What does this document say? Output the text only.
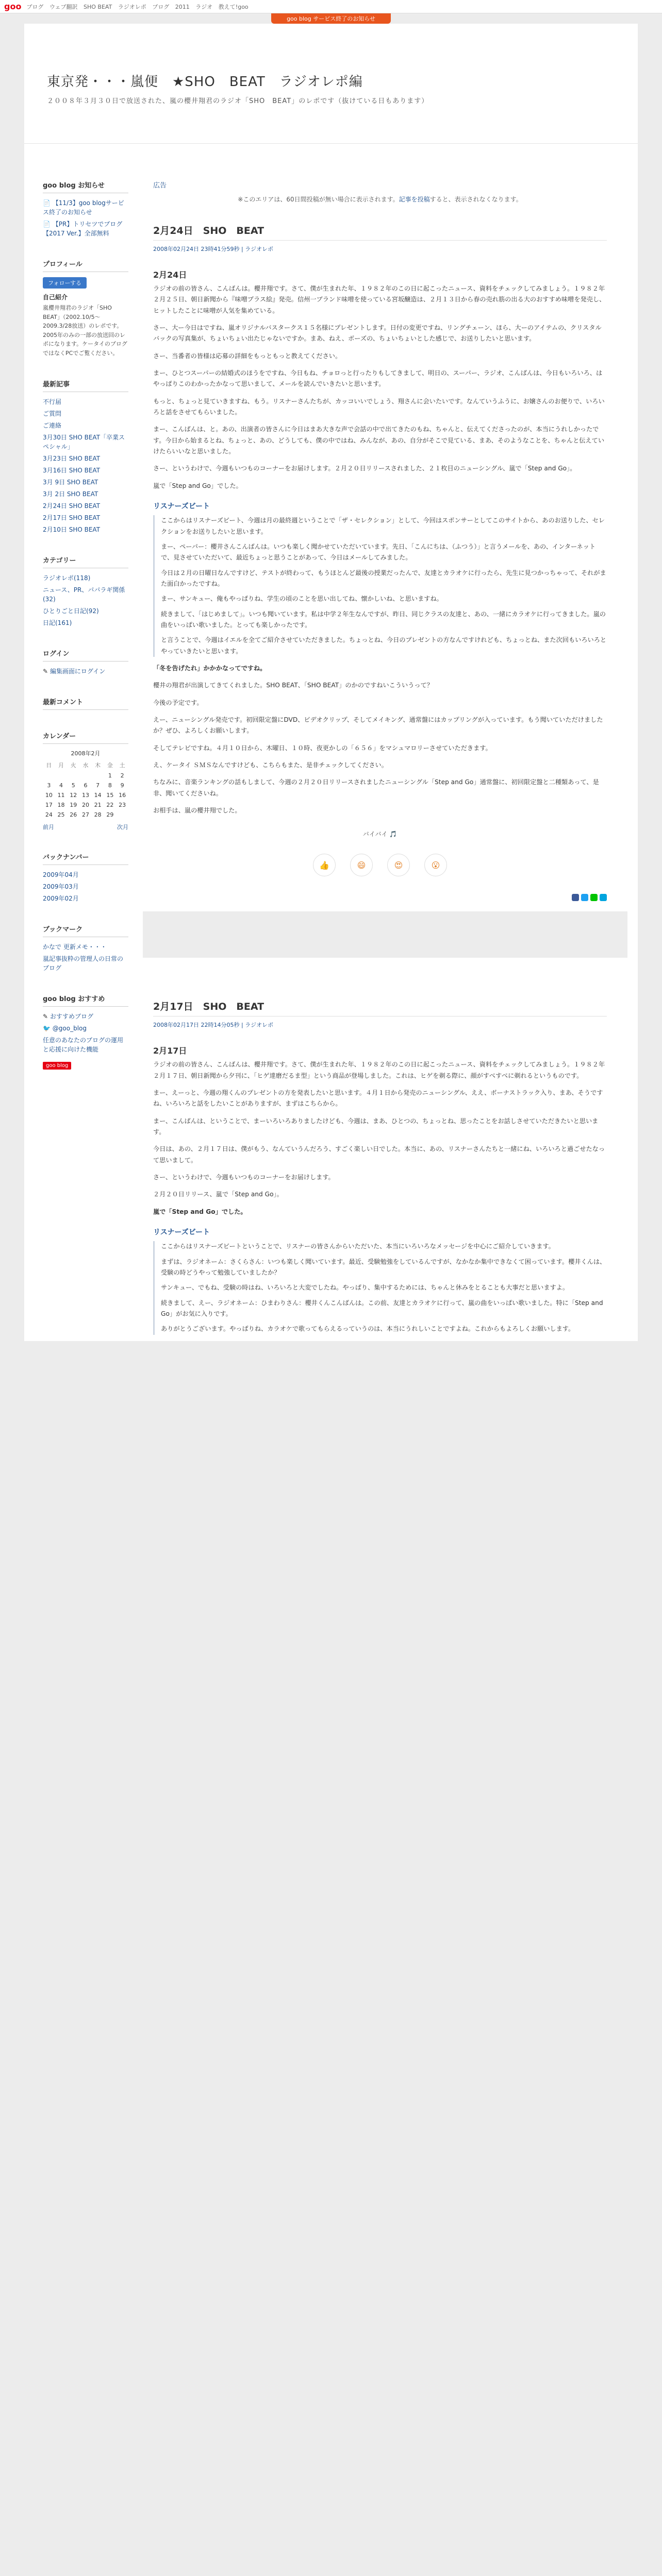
goo ブログ ウェブ翻訳 SHO BEAT ラジオレポ ブログ 2011 ラジオ 教えて!goo
goo blog サービス終了のお知らせ
東京発・・・嵐便　★SHO　BEAT　ラジオレポ編
２００８年３月３０日で放送された、嵐の櫻井翔君のラジオ「SHO　BEAT」のレポです（抜けている日もあります）
goo blog お知らせ
📄 【11/3】goo blogサービス終了のお知らせ
📄 【PR】トリセツでブログ【2017 Ver.】全部無料
プロフィール
フォローする
自己紹介
嵐櫻井翔君のラジオ「SHO　BEAT」（2002.10/5〜2009.3/28放送）のレポです。2005年のみの一部の放送回のレポになります。ケータイのブログではなくPCでご覧ください。
最新記事
不行届
ご質問
ご連絡
3月30日 SHO BEAT「卒業スペシャル」
3月23日 SHO BEAT
3月16日 SHO BEAT
3月 9日 SHO BEAT
3月 2日 SHO BEAT
2月24日 SHO BEAT
2月17日 SHO BEAT
2月10日 SHO BEAT
カテゴリー
ラジオレポ(118)
ニュース、PR、パパラギ関係(32)
ひとりごと日記(92)
日記(161)
ログイン
✎ 編集画面にログイン
最新コメント
カレンダー
2008年2月
日	月	火	水	木	金	土
					1	2
3	4	5	6	7	8	9
10	11	12	13	14	15	16
17	18	19	20	21	22	23
24	25	26	27	28	29	
前月	次月
バックナンバー
2009年04月
2009年03月
2009年02月
ブックマーク
かなで 更新メモ・・・
嵐記事抜粋の管理人の日常のブログ
goo blog おすすめ
✎ おすすめブログ
🐦 @goo_blog
任意のあなたのブログの運用と応援に向けた機能
goo blog
広告
※このエリアは、60日間投稿が無い場合に表示されます。記事を投稿すると、表示されなくなります。
2月24日　SHO　BEAT
2008年02月24日 23時41分59秒 | ラジオレポ
2月24日

ラジオの前の皆さん、こんばんは。櫻井翔です。さて、僕が生まれた年、１９８２年のこの日に起こったニュース、資料をチェックしてみましょう。１９８２年２月２５日、朝日新聞から『味噌プラス絵』発売。信州一ブランド味噌を使っている宮坂醸造は、２月１３日から春の売れ筋の出る大のおすすめ味噌を発売し、ヒットしたことに味噌が人気を集めている。

さー、大ー今日はですね、嵐オリジナルバスタークス１５名様にプレゼントします。日付の変更ですね、リングチェーン、ほら、大ーのアイテムの、クリスタルバックの写真集が、ちょいちょい出たじゃないですか。まあ、ねえ、ボーズの、ちょいちょいとした感じで、お送りしたいと思います。

さー、当番者の皆様は応募の詳細をもっともっと教えてください。

まー、ひとつスーパーの結婚式のほうをですね、今日もね、チョロっと行ったりもしてきまして、明日の、スーパー、ラジオ、こんばんは、今日もいろいろ、はやっぱりこのわかったかなって思いまして、メールを読んでいきたいと思います。

もっと、ちょっと見ていきますね、もう。リスナーさんたちが、カッコいいでしょう、翔さんに会いたいです。なんていうふうに、お嬢さんのお便りで、いろいろと話をさせてもらいました。

まー、こんばんは、と。あの、出演者の皆さんに今日はまあ大きな声で会話の中で出てきたのもね、ちゃんと、伝えてくださったのが、本当にうれしかったです。今日から始まるとね、ちょっと、あの、どうしても、僕の中ではね、みんなが、あの、自分がそこで見ている、まあ、そのようなことを、ちゃんと伝えていけたらいいなと思いました。

さー、というわけで、今週もいつものコーナーをお届けします。２月２０日リリースされました、２１枚目のニューシングル、嵐で「Step and Go」。

嵐で「Step and Go」でした。

リスナーズビート

ここからはリスナーズビート、今週は月の最終週ということで「ザ・セレクション」として、今回はスポンサーとしてこのサイトから、あのお送りした、セレクションをお送りしたいと思います。

まー、ペーパー：櫻井さんこんばんは。いつも楽しく聞かせていただいています。先日、「こんにちは、（ふつう）」と言うメールを、あの、インターネットで、見させていただいて、最近ちょっと思うことがあって、今日はメールしてみました。

今日は２月の日曜日なんですけど、テストが終わって、もうほとんど最後の授業だったんで、友達とカラオケに行ったら、先生に見つかっちゃって、それがまた面白かったですね。

まー、サンキュー、俺もやっぱりね、学生の頃のことを思い出してね、懐かしいね、と思いますね。

続きまして、「はじめまして」。いつも聞いています。私は中学２年生なんですが、昨日、同じクラスの友達と、あの、一緒にカラオケに行ってきました。嵐の曲をいっぱい歌いました。とっても楽しかったです。

と言うことで、今週はイエルを全てご紹介させていただきました。ちょっとね、今日のプレゼントの方なんですけれども、ちょっとね、また次回もいろいろとやっていきたいと思います。

「冬を告げたれ」かかかなってですね。

櫻井の翔君が出演してきてくれました。SHO BEAT、「SHO BEAT」のかのですねいこういうって？

今後の予定です。

えー、ニューシングル発売です。初回限定盤にDVD、ビデオクリップ、そしてメイキング、通常盤にはカップリングが入っています。もう聞いていただけましたか？ぜひ、よろしくお願いします。

そしてテレビですね。４月１０日から、木曜日、１０時、夜更かしの「６５６」をマシュマロリーさせていただきます。

え、ケータイ ＳＭＳなんですけども、こちらもまた、是非チェックしてください。

ちなみに、音楽ランキングの話もしまして、今週の２月２０日リリースされましたニューシングル「Step and Go」通常盤に、初回限定盤と二種類あって、是非、聞いてくださいね。

お相手は、嵐の櫻井翔でした。

バイバイ 🎵
👍	😄	😍	😮
2月17日　SHO　BEAT
2008年02月17日 22時14分05秒 | ラジオレポ
2月17日

ラジオの前の皆さん、こんばんは、櫻井翔です。さて、僕が生まれた年、１９８２年のこの日に起こったニュース、資料をチェックしてみましょう。１９８２年２月１７日、朝日新聞から夕刊に、「ヒゲ達磨だるま型」という商品が登場しました。これは、ヒゲを剃る際に、顔がすべすべに剃れるというものです。

まー、えーっと、今週の翔くんのプレゼントの方を発表したいと思います。４月１日から発売のニューシングル、ええ、ボーナストラック入り、まあ、そうですね、いろいろと話をしたいことがありますが、まずはこちらから。

まー、こんばんは、ということで、まーいろいろありましたけども、今週は、まあ、ひとつの、ちょっとね、思ったことをお話しさせていただきたいと思います。

今日は、あの、２月１７日は、僕がもう、なんていうんだろう、すごく楽しい日でした。本当に、あの、リスナーさんたちと一緒にね、いろいろと過ごせたなって思いまして。

さー、というわけで、今週もいつものコーナーをお届けします。

２月２０日リリース、嵐で「Step and Go」。

嵐で「Step and Go」でした。

リスナーズビート

ここからはリスナーズビートということで、リスナーの皆さんからいただいた、本当にいろいろなメッセージを中心にご紹介していきます。

まずは、ラジオネーム：さくらさん：いつも楽しく聞いています。最近、受験勉強をしているんですが、なかなか集中できなくて困っています。櫻井くんは、受験の時どうやって勉強していましたか？

サンキュー、でもね、受験の時はね、いろいろと大変でしたね。やっぱり、集中するためには、ちゃんと休みをとることも大事だと思いますよ。

続きまして、えー、ラジオネーム：ひまわりさん：櫻井くんこんばんは。この前、友達とカラオケに行って、嵐の曲をいっぱい歌いました。特に「Step and Go」がお気に入りです。

ありがとうございます。やっぱりね、カラオケで歌ってもらえるっていうのは、本当にうれしいことですよね。これからもよろしくお願いします。
